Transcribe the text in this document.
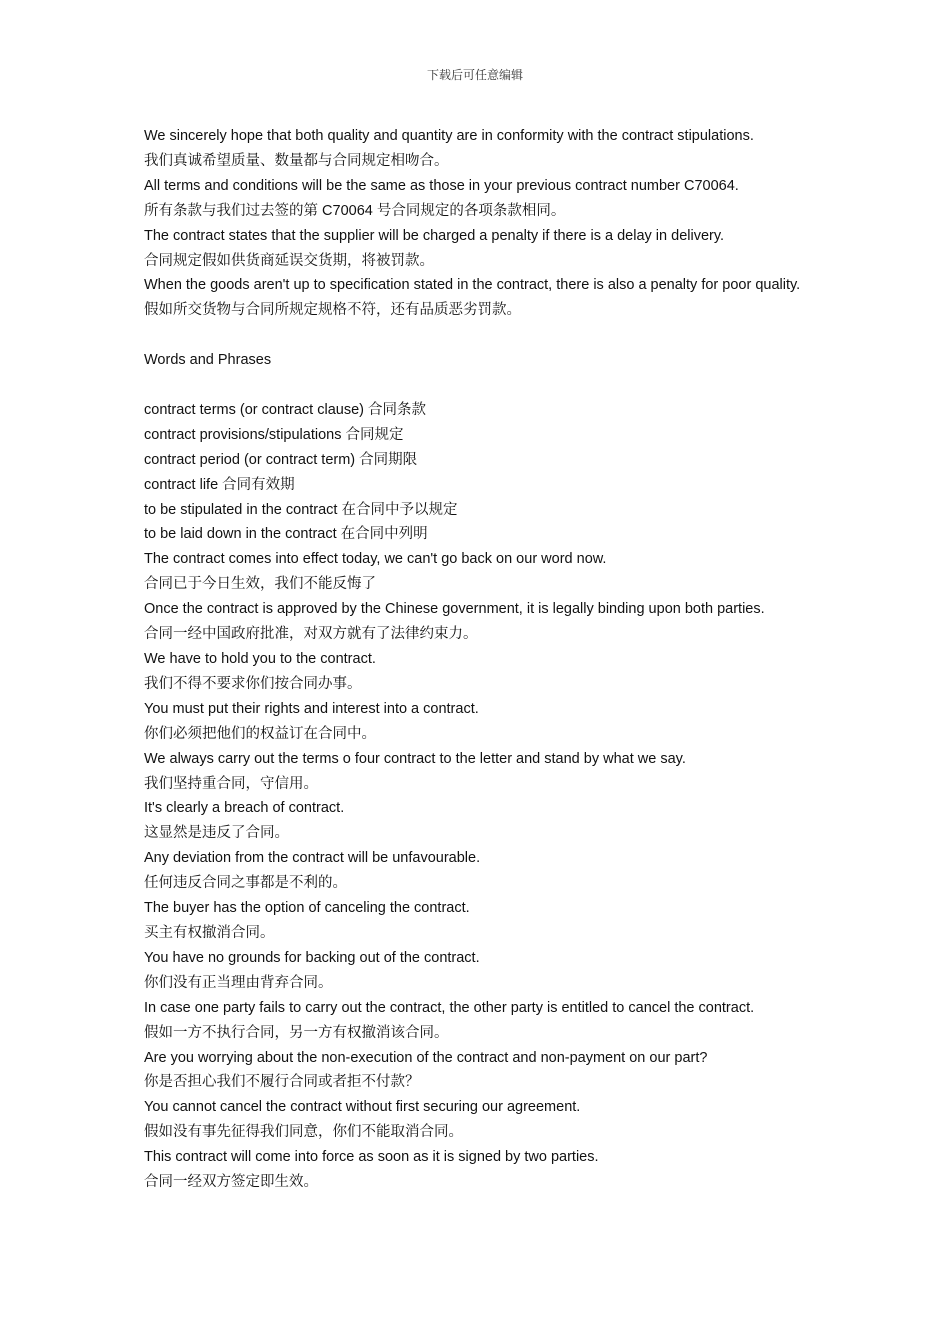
下载后可任意编辑
We sincerely hope that both quality and quantity are in conformity with the contract stipulations.
我们真诚希望质量、数量都与合同规定相吻合。
All terms and conditions will be the same as those in your previous contract number C70064.
所有条款与我们过去签的第 C70064 号合同规定的各项条款相同。
The contract states that the supplier will be charged a penalty if there is a delay in delivery.
合同规定假如供货商延误交货期，将被罚款。
When the goods aren't up to specification stated in the contract, there is also a penalty for poor quality.
假如所交货物与合同所规定规格不符，还有品质恶劣罚款。
Words and Phrases
contract terms (or contract clause) 合同条款
contract provisions/stipulations 合同规定
contract period (or contract term) 合同期限
contract life 合同有效期
to be stipulated in the contract 在合同中予以规定
to be laid down in the contract 在合同中列明
The contract comes into effect today, we can't go back on our word now.
合同已于今日生效，我们不能反悔了
Once the contract is approved by the Chinese government, it is legally binding upon both parties.
合同一经中国政府批准，对双方就有了法律约束力。
We have to hold you to the contract.
我们不得不要求你们按合同办事。
You must put their rights and interest into a contract.
你们必须把他们的权益订在合同中。
We always carry out the terms o four contract to the letter and stand by what we say.
我们坚持重合同，守信用。
It's clearly a breach of contract.
这显然是违反了合同。
Any deviation from the contract will be unfavourable.
任何违反合同之事都是不利的。
The buyer has the option of canceling the contract.
买主有权撤消合同。
You have no grounds for backing out of the contract.
你们没有正当理由背弃合同。
In case one party fails to carry out the contract, the other party is entitled to cancel the contract.
假如一方不执行合同，另一方有权撤消该合同。
Are you worrying about the non-execution of the contract and non-payment on our part?
你是否担心我们不履行合同或者拒不付款？
You cannot cancel the contract without first securing our agreement.
假如没有事先征得我们同意，你们不能取消合同。
This contract will come into force as soon as it is signed by two parties.
合同一经双方签定即生效。
